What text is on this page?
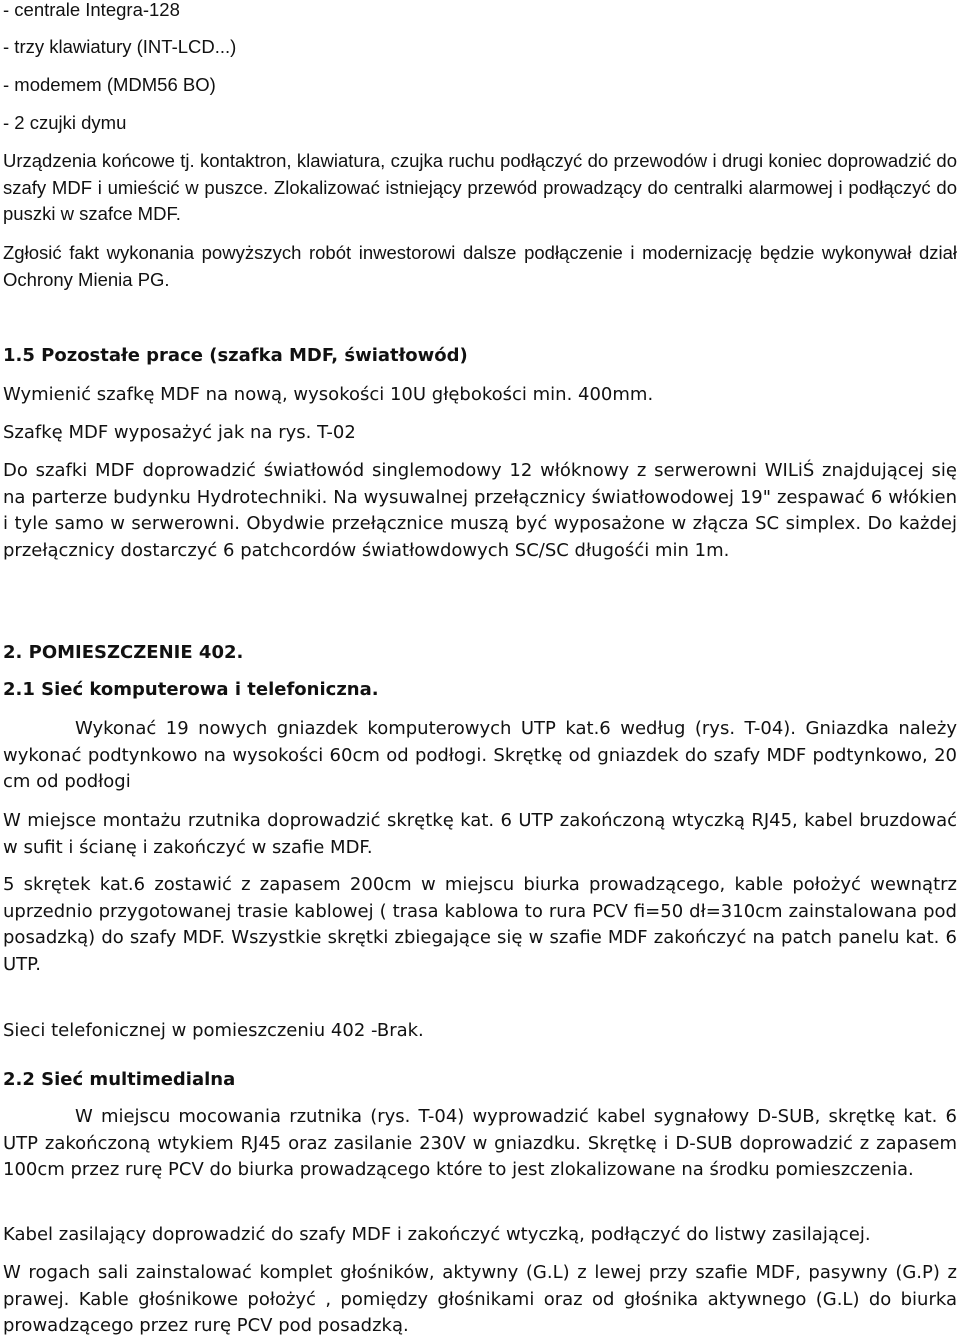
- centrale Integra-128
- trzy klawiatury (INT-LCD...)
- modemem (MDM56 BO)
- 2 czujki dymu

Urządzenia końcowe tj. kontaktron, klawiatura, czujka ruchu podłączyć do przewodów i drugi koniec doprowadzić do szafy MDF i umieścić w puszce. Zlokalizować istniejący przewód prowadzący do centralki alarmowej i podłączyć do puszki w szafce MDF.

Zgłosić fakt wykonania powyższych robót inwestorowi dalsze podłączenie i modernizację będzie wykonywał dział Ochrony Mienia PG.

1.5 Pozostałe prace (szafka MDF, światłowód)
Wymienić szafkę MDF na nową, wysokości 10U głębokości min. 400mm.
Szafkę MDF wyposażyć jak na rys. T-02

Do szafki MDF doprowadzić światłowód singlemodowy 12 włóknowy z serwerowni WILiŚ znajdującej się na parterze budynku Hydrotechniki. Na wysuwalnej przełącznicy światłowodowej 19" zespawać 6 włókien i tyle samo w serwerowni. Obydwie przełącznice muszą być wyposażone w złącza SC simplex. Do każdej przełącznicy dostarczyć 6 patchcordów światłowdowych SC/SC długośći min 1m.

2. POMIESZCZENIE 402.
2.1 Sieć komputerowa i telefoniczna.

Wykonać 19 nowych gniazdek komputerowych UTP kat.6 według (rys. T-04). Gniazdka należy wykonać podtynkowo na wysokości 60cm od podłogi. Skrętkę od gniazdek do szafy MDF podtynkowo, 20 cm od podłogi

W miejsce montażu rzutnika doprowadzić skrętkę kat. 6 UTP zakończoną wtyczką RJ45, kabel bruzdować w sufit i ścianę i zakończyć w szafie MDF.

5 skrętek kat.6 zostawić z zapasem 200cm w miejscu biurka prowadzącego, kable położyć wewnątrz uprzednio przygotowanej trasie kablowej ( trasa kablowa to rura PCV fi=50 dł=310cm zainstalowana pod posadzką) do szafy MDF. Wszystkie skrętki zbiegające się w szafie MDF zakończyć na patch panelu kat. 6 UTP.

Sieci telefonicznej w pomieszczeniu 402 -Brak.
2.2 Sieć multimedialna

W miejscu mocowania rzutnika (rys. T-04) wyprowadzić kabel sygnałowy D-SUB, skrętkę kat. 6 UTP zakończoną wtykiem RJ45 oraz zasilanie 230V w gniazdku. Skrętkę i D-SUB doprowadzić z zapasem 100cm przez rurę PCV do biurka prowadzącego które to jest zlokalizowane na środku pomieszczenia.

Kabel zasilający doprowadzić do szafy MDF i zakończyć wtyczką, podłączyć do listwy zasilającej.

W rogach sali zainstalować komplet głośników, aktywny (G.L) z lewej przy szafie MDF, pasywny (G.P) z prawej. Kable głośnikowe położyć , pomiędzy głośnikami oraz od głośnika aktywnego (G.L) do biurka prowadzącego przez rurę PCV pod posadzką.
